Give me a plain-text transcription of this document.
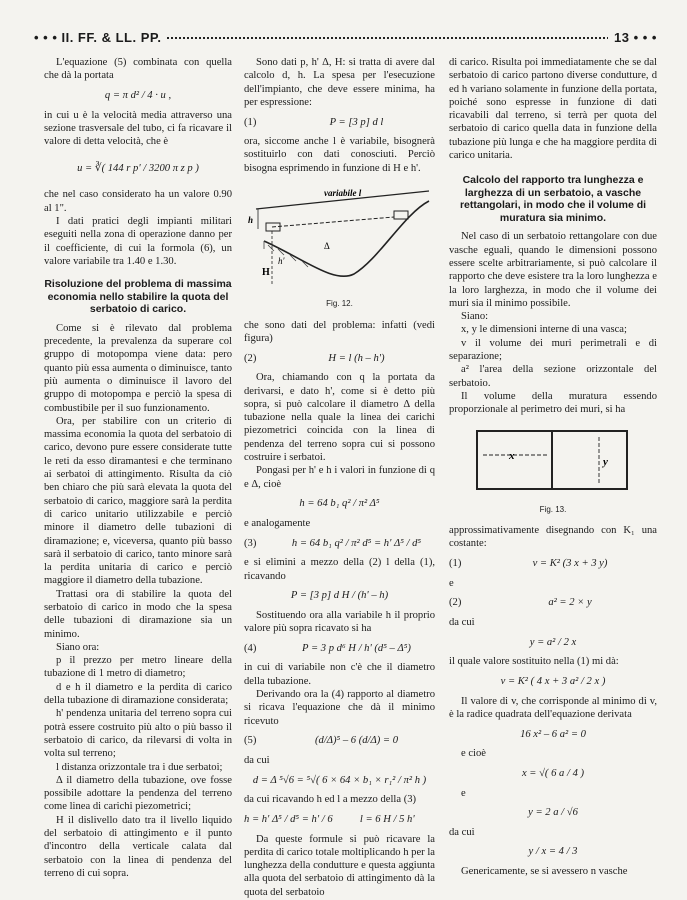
• • • II. FF. & LL. PP.	13 • • •

L'equazione (5) combinata con quella che dà la portata

q = π d² / 4 · u ,

in cui u è la velocità media attraverso una sezione trasversale del tubo, ci fa ricavare il valore di detta velocità, che è

u = ∛( 144 r p' / 3200 π z p )

che nel caso considerato ha un valore 0.90 al 1".

I dati pratici degli impianti militari eseguiti nella zona di operazione danno per il coefficiente, di cui la formola (6), un valore variabile tra 1.40 e 1.30.

Risoluzione del problema di massima economia nello stabilire la quota del serbatoio di carico.

Come si è rilevato dal problema precedente, la prevalenza da superare col gruppo di motopompa viene data: pero quanto più essa aumenta o diminuisce, tanto più aumenta o diminuisce il lavoro del gruppo di motopompa e perciò la spesa di combustibile per il suo funzionamento.

Ora, per stabilire con un criterio di massima economia la quota del serbatoio di carico, devono pure essere considerate tutte le reti da esso diramantesi e che terminano ai serbatoi di attingimento. Risulta da ciò ben chiaro che più sarà elevata la quota del serbatoio di carico, maggiore sarà la perdita di carico unitario utilizzabile e perciò minore il diametro delle tubazioni di diramazione; e, viceversa, quanto più basso sarà il serbatoio di carico, tanto minore sarà la perdita unitaria di carico e perciò maggiore il diametro della tubazione.

Trattasi ora di stabilire la quota del serbatoio di carico in modo che la spesa delle tubazioni di diramazione sia un minimo.

Siano ora:

p il prezzo per metro lineare della tubazione di 1 metro di diametro;

d e h il diametro e la perdita di carico della tubazione di diramazione considerata;

h' pendenza unitaria del terreno sopra cui potrà essere costruito più alto o più basso il serbatoio di carico, da rilevarsi di volta in volta sul terreno;

l distanza orizzontale tra i due serbatoi;

Δ il diametro della tubazione, ove fosse possibile adottare la pendenza del terreno come linea di carichi piezometrici;

H il dislivello dato tra il livello liquido del serbatoio di attingimento e il punto d'incontro della verticale calata dal serbatoio con la linea di pendenza del terreno di cui sopra.

Sono dati p, h' Δ, H: si tratta di avere dal calcolo d, h. La spesa per l'esecuzione dell'impianto, che deve essere minima, ha per espressione:

(1)	P = [3 p] d l

ora, siccome anche l è variabile, bisognerà sostituirlo con dati conosciuti. Perciò bisogna esprimendo in funzione di H e h'.

variabile l
h
h'
H
Δ
Fig. 12.

che sono dati del problema: infatti (vedi figura)

(2)	H = l (h – h')

Ora, chiamando con q la portata da derivarsi, e dato h', come si è detto più sopra, si può calcolare il diametro Δ della tubazione nella quale la linea dei carichi piezometrici coincida con la linea di pendenza del terreno sopra cui si possono costruire i serbatoi.

Pongasi per h' e h i valori in funzione di q e Δ, cioè

h = 64 b₁ q² / π² Δ⁵

e analogamente

(3)	h = 64 b₁ q² / π² d⁵ = h' Δ⁵ / d⁵

e si elimini a mezzo della (2) l della (1), ricavando

P = [3 p] d H / (h' – h)

Sostituendo ora alla variabile h il proprio valore più sopra ricavato si ha

(4)	P = 3 p d⁶ H / h' (d⁵ – Δ⁵)

in cui di variabile non c'è che il diametro della tubazione.

Derivando ora la (4) rapporto al diametro si ricava l'equazione che dà il minimo ricevuto

(5)	(d/Δ)⁵ – 6 (d/Δ) = 0

da cui

d = Δ ⁵√6 = ⁵√( 6 × 64 × b₁ × r₁² / π² h )

da cui ricavando h ed l a mezzo della (3)

h = h' Δ⁵ / d⁵ = h' / 6	l = 6 H / 5 h'

Da queste formule si può ricavare la perdita di carico totale moltiplicando h per la lunghezza della condutture e questa aggiunta alla quota del serbatoio di attingimento dà la quota del serbatoio

di carico. Risulta poi immediatamente che se dal serbatoio di carico partono diverse condutture, d ed h variano solamente in funzione della portata, poiché sono espresse in funzione di dati ricavabili dal terreno, si terrà per quota del serbatoio di carico quella data in funzione della tubazione più lunga e che ha maggiore perdita di carico unitaria.

Calcolo del rapporto tra lunghezza e larghezza di un serbatoio, a vasche rettangolari, in modo che il volume di muratura sia minimo.

Nel caso di un serbatoio rettangolare con due vasche eguali, quando le dimensioni possono essere scelte arbitrariamente, si può calcolare il rapporto che deve esistere tra la loro lunghezza e la loro larghezza, in modo che il volume dei muri sia il minimo possibile.

Siano:

x, y le dimensioni interne di una vasca;

v il volume dei muri perimetrali e di separazione;

a² l'area della sezione orizzontale del serbatoio.

Il volume della muratura essendo proporzionale al perimetro dei muri, si ha

x	y
Fig. 13.

approssimativamente disegnando con K₁ una costante:

(1)	v = K² (3 x + 3 y)

e

(2)	a² = 2 × y

da cui

y = a² / 2 x

il quale valore sostituito nella (1) mi dà:

v = K² ( 4 x + 3 a² / 2 x )

Il valore di v, che corrisponde al minimo di v, è la radice quadrata dell'equazione derivata

16 x² – 6 a² = 0

e cioè

x = √( 6 a / 4 )

e

y = 2 a / √6

da cui

y / x = 4 / 3

Genericamente, se si avessero n vasche
